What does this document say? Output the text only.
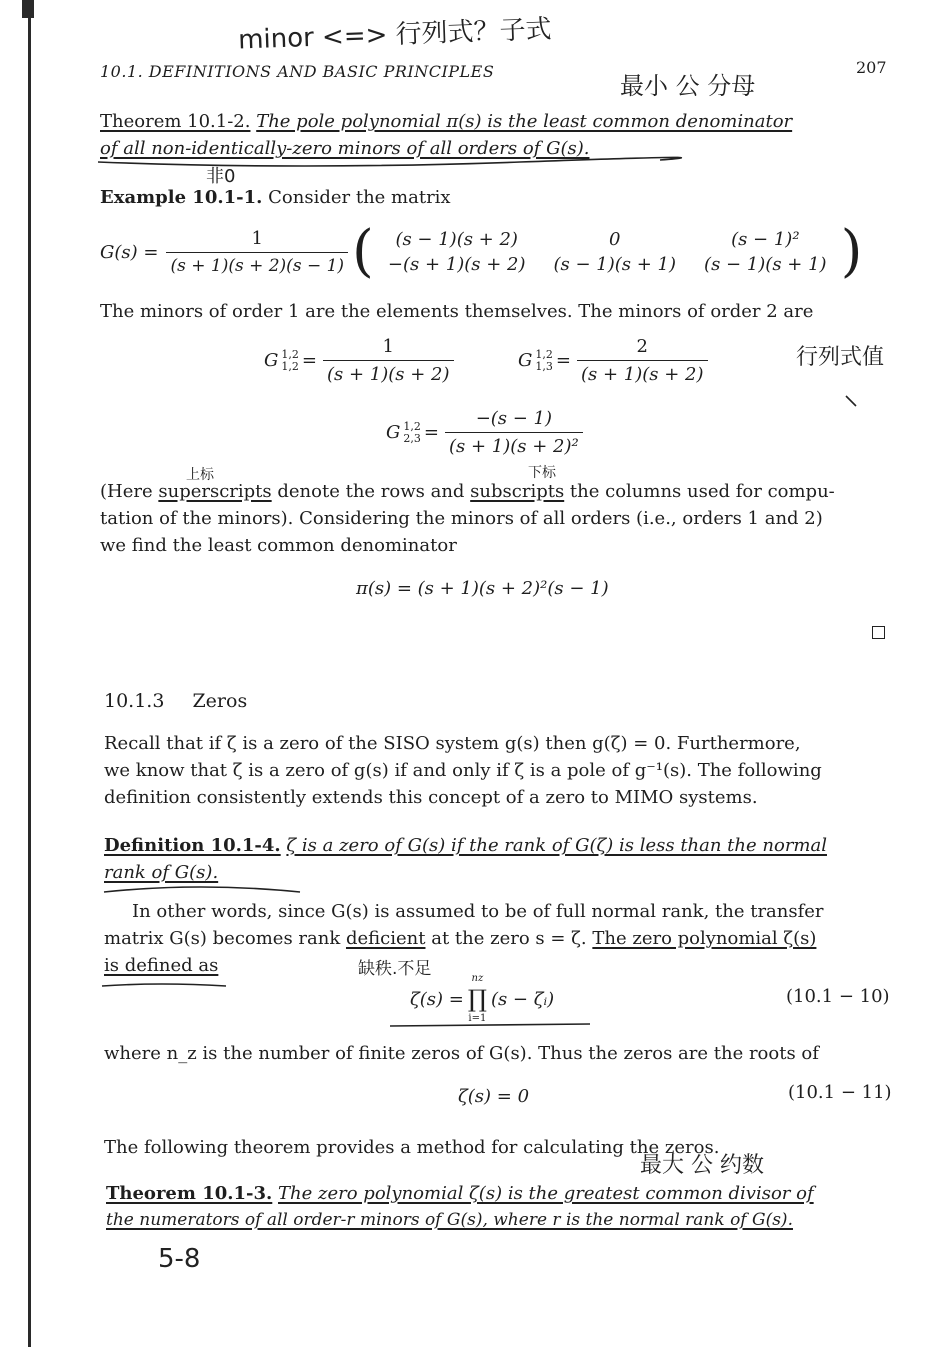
minor <=> 行列式？子式
10.1. DEFINITIONS AND BASIC PRINCIPLES
最小 公 分母
207
Theorem 10.1-2. The pole polynomial π(s) is the least common denominator
of all non-identically-zero minors of all orders of G(s).
非0
Example 10.1-1. Consider the matrix
$G(s) = \frac{1}{(s + 1)(s + 2)(s - 1)}$ ( (s − 1)(s + 2)	0	(s − 1)²
−(s + 1)(s + 2)	(s − 1)(s + 1)	(s − 1)(s + 1) )
The minors of order 1 are the elements themselves. The minors of order 2 are
G 1,2
$1,2 = \frac{1}{(s + 1)(s + 2)}$	G 1,2
$1,3 = \frac{2}{(s + 1)(s + 2)}$	行列式值
G 1,2
$2,3 = \frac{-(s - 1)}{\text{(s + 1)(s + 2)²}}$
上标	下标
(Here superscripts denote the rows and subscripts the columns used for compu-
tation of the minors). Considering the minors of all orders (i.e., orders 1 and 2)
we find the least common denominator
π(s) = (s + 1)(s + 2)²(s − 1)
10.1.3 Zeros
Recall that if ζ is a zero of the SISO system g(s) then g(ζ) = 0. Furthermore,
we know that ζ is a zero of g(s) if and only if ζ is a pole of g⁻¹(s). The following
definition consistently extends this concept of a zero to MIMO systems.
Definition 10.1-4. ζ is a zero of G(s) if the rank of G(ζ) is less than the normal
rank of G(s).
In other words, since G(s) is assumed to be of full normal rank, the transfer
matrix G(s) becomes rank deficient at the zero s = ζ. The zero polynomial ζ(s)
is defined as	缺秩.不足
ζ(s) =
nz
∏
i=1
(s − ζᵢ)	(10.1 − 10)
where n_z is the number of finite zeros of G(s). Thus the zeros are the roots of
ζ(s) = 0	(10.1 − 11)
The following theorem provides a method for calculating the zeros.
最大 公 约数
Theorem 10.1-3. The zero polynomial ζ(s) is the greatest common divisor of
the numerators of all order-r minors of G(s), where r is the normal rank of G(s).
5-8
